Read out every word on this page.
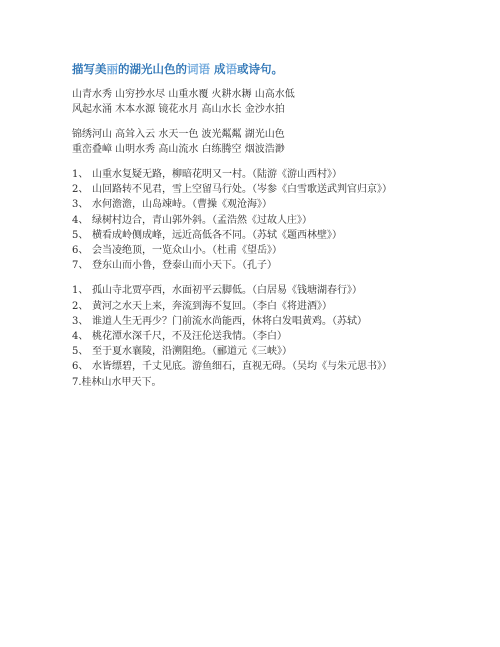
描写美丽的湖光山色的词语 成语或诗句。
山青水秀 山穷抄水尽 山重水覆 火耕水耨 山高水低
风起水涌 木本水源 镜花水月 高山水长 金沙水拍
锦绣河山 高耸入云 水天一色 波光粼粼 湖光山色
重峦叠嶂 山明水秀 高山流水 白练腾空 烟波浩渺
1、 山重水复疑无路，柳暗花明又一村。（陆游《游山西村》）
2、 山回路转不见君，雪上空留马行处。（岑参《白雪歌送武判官归京》）
3、 水何澹澹，山岛竦峙。（曹操《观沧海》）
4、 绿树村边合，青山郭外斜。（孟浩然《过故人庄》）
5、 横看成岭侧成峰，远近高低各不同。（苏轼《题西林壁》）
6、 会当凌绝顶，一览众山小。（杜甫《望岳》）
7、 登东山而小鲁，登泰山而小天下。（孔子）
1、 孤山寺北贾亭西，水面初平云脚低。（白居易《钱塘湖春行》）
2、 黄河之水天上来，奔流到海不复回。（李白《将进酒》）
3、 谁道人生无再少？门前流水尚能西，休将白发唱黄鸡。（苏轼）
4、 桃花潭水深千尺，不及汪伦送我情。（李白）
5、 至于夏水襄陵，沿溯阻绝。（郦道元《三峡》）
6、 水皆缥碧，千丈见底。游鱼细石，直视无碍。（吴均《与朱元思书》）
7.桂林山水甲天下。
